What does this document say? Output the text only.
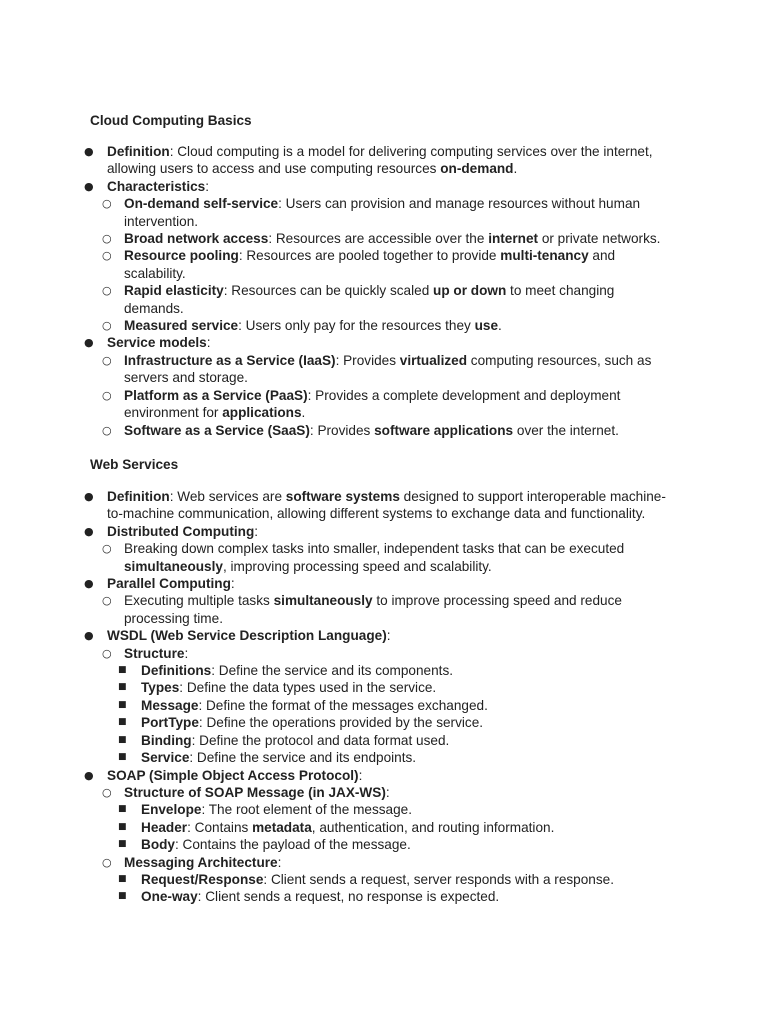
Cloud Computing Basics
● Definition: Cloud computing is a model for delivering computing services over the internet, allowing users to access and use computing resources on-demand.
● Characteristics:
○ On-demand self-service: Users can provision and manage resources without human intervention.
○ Broad network access: Resources are accessible over the internet or private networks.
○ Resource pooling: Resources are pooled together to provide multi-tenancy and scalability.
○ Rapid elasticity: Resources can be quickly scaled up or down to meet changing demands.
○ Measured service: Users only pay for the resources they use.
● Service models:
○ Infrastructure as a Service (IaaS): Provides virtualized computing resources, such as servers and storage.
○ Platform as a Service (PaaS): Provides a complete development and deployment environment for applications.
○ Software as a Service (SaaS): Provides software applications over the internet.
Web Services
● Definition: Web services are software systems designed to support interoperable machine-to-machine communication, allowing different systems to exchange data and functionality.
● Distributed Computing:
○ Breaking down complex tasks into smaller, independent tasks that can be executed simultaneously, improving processing speed and scalability.
● Parallel Computing:
○ Executing multiple tasks simultaneously to improve processing speed and reduce processing time.
● WSDL (Web Service Description Language):
○ Structure:
■ Definitions: Define the service and its components.
■ Types: Define the data types used in the service.
■ Message: Define the format of the messages exchanged.
■ PortType: Define the operations provided by the service.
■ Binding: Define the protocol and data format used.
■ Service: Define the service and its endpoints.
● SOAP (Simple Object Access Protocol):
○ Structure of SOAP Message (in JAX-WS):
■ Envelope: The root element of the message.
■ Header: Contains metadata, authentication, and routing information.
■ Body: Contains the payload of the message.
○ Messaging Architecture:
■ Request/Response: Client sends a request, server responds with a response.
■ One-way: Client sends a request, no response is expected.
